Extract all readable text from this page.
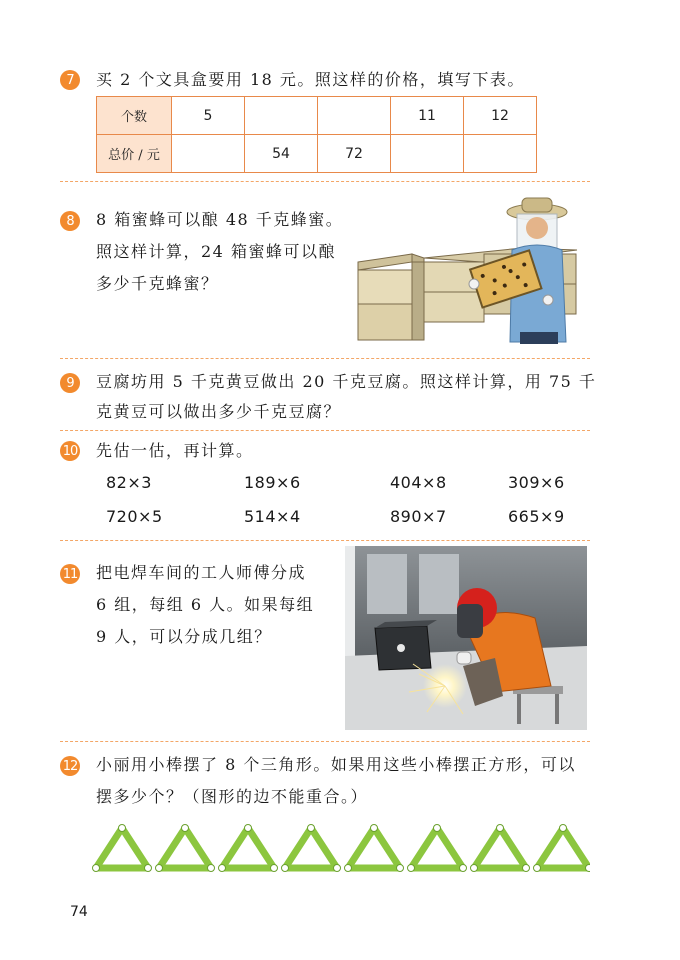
7	买 2 个文具盒要用 18 元。照这样的价格，填写下表。
个数	5			11	12
总价 / 元		54	72		
8	8 箱蜜蜂可以酿 48 千克蜂蜜。
照这样计算，24 箱蜜蜂可以酿
多少千克蜂蜜？
9	豆腐坊用 5 千克黄豆做出 20 千克豆腐。照这样计算，用 75 千
克黄豆可以做出多少千克豆腐？
10 先估一估，再计算。
82×3	189×6	404×8	309×6
720×5	514×4	890×7	665×9
11 把电焊车间的工人师傅分成
6 组，每组 6 人。如果每组
9 人，可以分成几组？
12 小丽用小棒摆了 8 个三角形。如果用这些小棒摆正方形，可以
摆多少个？（图形的边不能重合。）
74
